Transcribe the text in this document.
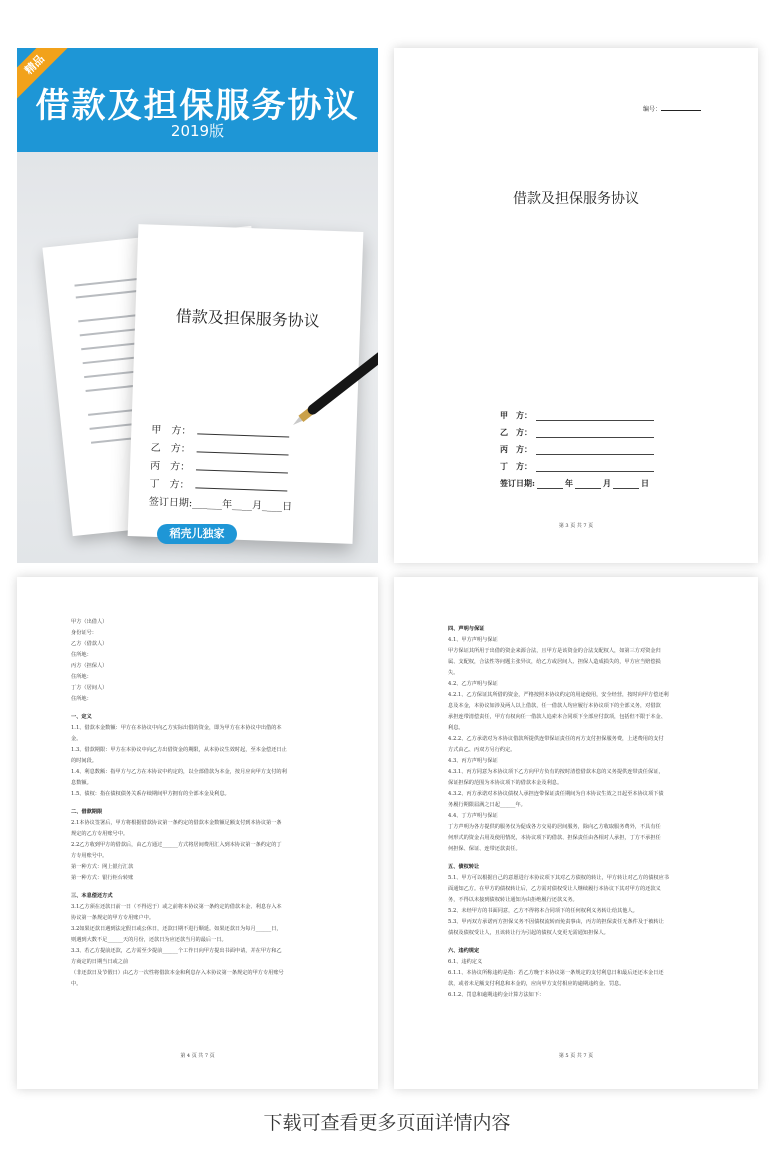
精品
借款及担保服务协议
2019版
借款及担保服务协议
甲　方：
乙　方：
丙　方：
丁　方：
签订日期:______年____月____日
稻壳儿独家
编号：
借款及担保服务协议
甲　方：
乙　方：
丙　方：
丁　方：
签订日期:	年	月	日
第 3 页 共 7 页
甲方（出借人）
身份证号：
乙方（借款人）
住所地：
丙方（担保人）
住所地：
丁方（居间人）
住所地：
一、定义
1.1、借款本金数额：甲方在本协议中向乙方实际出借的资金，即为甲方在本协议中出借的本
金。
1.3、借款期限：甲方在本协议中向乙方出借资金的期限，从本协议生效时起，至本金偿还日止
的时间段。
1.4、利息数额：指甲方与乙方在本协议中约定的，以全部借款为本金，按月应向甲方支付的利
息数额。
1.5、债权：指在债权债务关系存续期间甲方拥有的全部本金及利息。
二、借款期限
2.1本协议签署后，甲方将根据借款协议第一条约定的借款本金数额足额支付到本协议第一条
规定的乙方专用账号中。
2.2乙方收到甲方的借款后，由乙方通过______方式将居间费用汇入到本协议第一条约定的丁
方专用账号中。
第一种方式：网上银行汇款
第一种方式：银行柜台转账
三、本息偿还方式
3.1乙方须在还款日前一日（不得迟于）或之前将本协议第一条约定的借款本金、利息存入本
协议第一条规定的甲方专用账户中。
3.2如果还款日遇到法定假日或公休日，还款日期不进行顺延。如果还款日为每月______日，
则遇到大数不足______天的月份，还款日为应还款当月的最后一日。
3.3、若乙方提前还款，乙方需至少提前______个工作日向甲方提出书面申请，并在甲方和乙
方商定的日期当日或之前
（非还款日及节假日）由乙方一次性将借款本金和利息存入本协议第一条规定的甲方专用账号
中。
第 4 页 共 7 页
四、声明与保证
4.1、甲方声明与保证
甲方保证其所用于出借的资金来源合法，且甲方是该资金的合法支配权人，如第三方对资金归
属、支配权，合法性等问题主张异议，给乙方或居间人、担保人造成损失的，甲方应当赔偿损
失。
4.2、乙方声明与保证
4.2.1、乙方保证其所借的资金，严格按照本协议约定的用途使用，安全经营，按时向甲方偿还利
息及本金，本协议如涉及两人以上借款，任一借款人均应履行本协议项下的全部义务，对借款
承担连带清偿责任，甲方有权向任一借款人追索本合同项下全部应付款项，包括但不限于本金、
利息。
4.2.2、乙方承诺对为本协议借款所提供连带保证责任的丙方支付担保服务费，上述费用的支付
方式由乙、丙双方另行约定。
4.3、丙方声明与保证
4.3.1、丙方同意为本协议项下乙方向甲方负有的按时清偿借款本息的义务提供连带责任保证，
保证担保的范围为本协议项下的借款本金及利息。
4.3.2、丙方承诺对本协议债权人承担连带保证责任期间为自本协议生效之日起至本协议项下债
务履行期限届满之日起______年。
4.4、丁方声明与保证
丁方声明为各方提供的服务仅为促成各方交易的居间服务，除向乙方收取服务费外，不具有任
何形式的资金占用及使用情况，本协议项下的借款、担保责任由各相对人承担，丁方不承担任
何担保、保证、连带还款责任。
五、债权转让
5.1、甲方可以根据自己的意愿进行本协议项下其对乙方债权的转让，甲方转让对乙方的债权应书
面通知乙方。在甲方的债权转让后，乙方需对债权受让人继续履行本协议下其对甲方的还款义
务，不得以未接到债权转让通知为由拒绝履行还款义务。
5.2、未经甲方的书面同意，乙方不得将本合同项下的任何权利义务转让给其他人。
5.3、甲丙双方承诺丙方担保义务不因债权流转而免责事由，丙方的担保责任无条件及于被转让
债权及债权受让人，且该转让行为引起的债权人变更无需通知担保人。
六、违约规定
6.1、违约定义
6.1.1、本协议所称违约是指：若乙方晚于本协议第一条规定的支付利息日和最后还还本金日还
款，或者未足额支付利息和本金的，应向甲方支付相应的逾期违约金、罚息。
6.1.2、罚息和逾期违约金计算方法如下：
第 5 页 共 7 页
下载可查看更多页面详情内容
